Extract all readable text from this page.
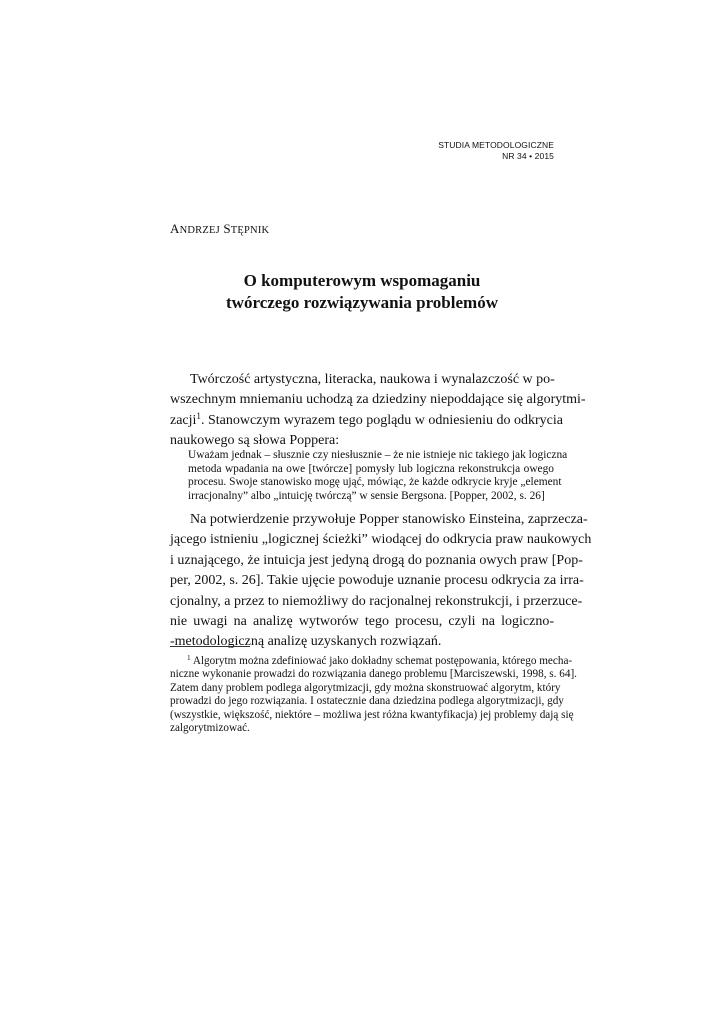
STUDIA METODOLOGICZNE
NR 34 • 2015
ANDRZEJ STĘPNIK
O komputerowym wspomaganiu
twórczego rozwiązywania problemów
Twórczość artystyczna, literacka, naukowa i wynalazczość w po-
wszechnym mniemaniu uchodzą za dziedziny niepoddające się algorytmi-
zacji$^1$. Stanowczym wyrazem tego poglądu w odniesieniu do odkrycia
naukowego są słowa Poppera:
Uważam jednak – słusznie czy niesłusznie – że nie istnieje nic takiego jak logiczna
metoda wpadania na owe [twórcze] pomysły lub logiczna rekonstrukcja owego
procesu. Swoje stanowisko mogę ująć, mówiąc, że każde odkrycie kryje „element
irracjonalny” albo „intuicję twórczą” w sensie Bergsona. [Popper, 2002, s. 26]
Na potwierdzenie przywołuje Popper stanowisko Einsteina, zaprzecza-
jącego istnieniu „logicznej ścieżki” wiodącej do odkrycia praw naukowych
i uznającego, że intuicja jest jedyną drogą do poznania owych praw [Pop-
per, 2002, s. 26]. Takie ujęcie powoduje uznanie procesu odkrycia za irra-
cjonalny, a przez to niemożliwy do racjonalnej rekonstrukcji, i przerzuce-
nie uwagi na analizę wytworów tego procesu, czyli na logiczno-
-metodologiczną analizę uzyskanych rozwiązań.
$^1$ Algorytm można zdefiniować jako dokładny schemat postępowania, którego mecha-
niczne wykonanie prowadzi do rozwiązania danego problemu [Marciszewski, 1998, s. 64].
Zatem dany problem podlega algorytmizacji, gdy można skonstruować algorytm, który
prowadzi do jego rozwiązania. I ostatecznie dana dziedzina podlega algorytmizacji, gdy
(wszystkie, większość, niektóre – możliwa jest różna kwantyfikacja) jej problemy dają się
zalgorytmizować.
